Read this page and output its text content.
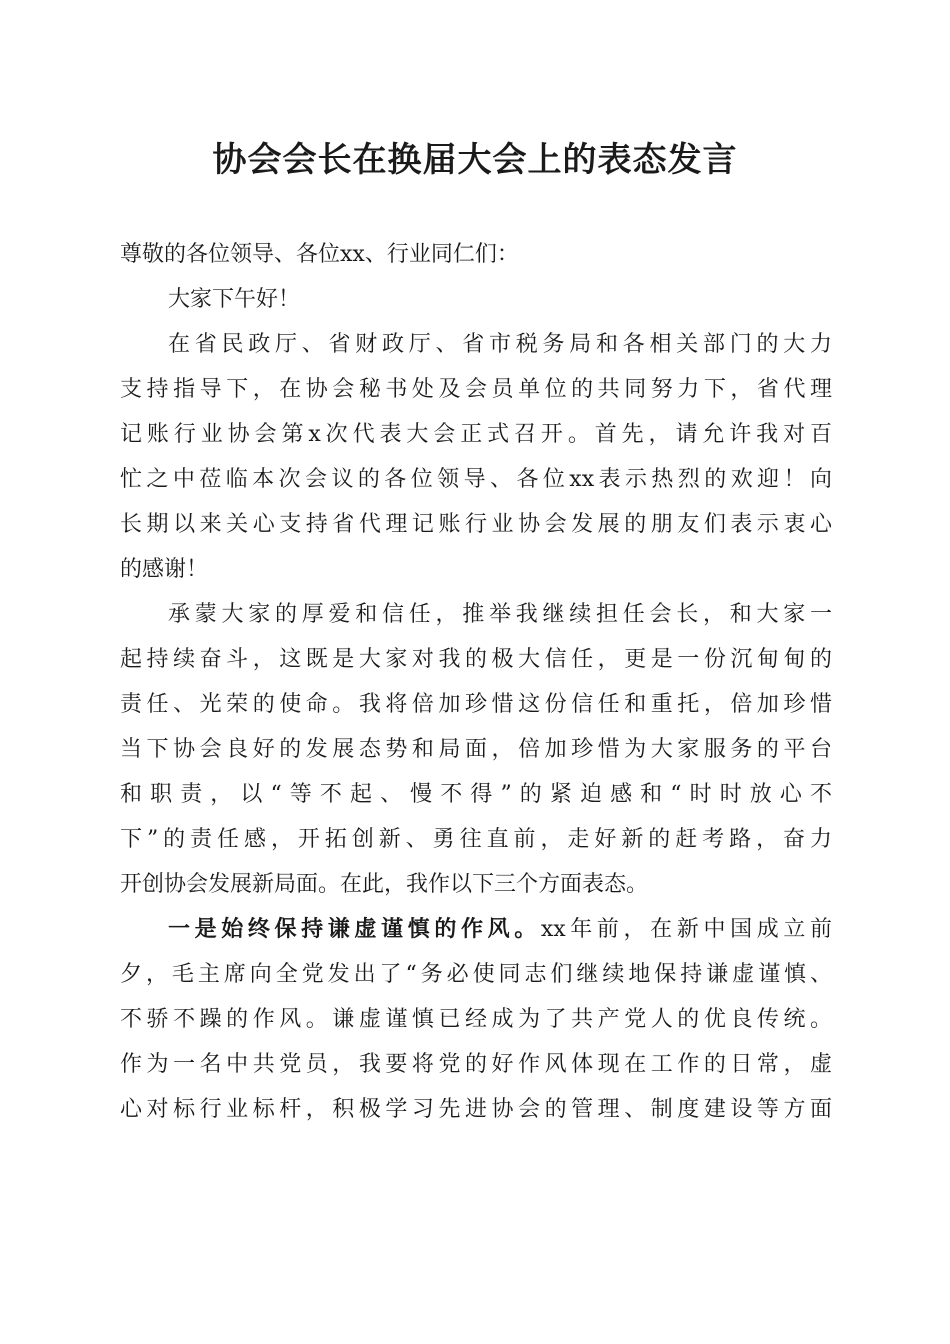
协会会长在换届大会上的表态发言
尊敬的各位领导、各位xx、行业同仁们：
大家下午好！
在省民政厅、省财政厅、省市税务局和各相关部门的大力
支持指导下，在协会秘书处及会员单位的共同努力下，省代理
记账行业协会第x次代表大会正式召开。首先，请允许我对百
忙之中莅临本次会议的各位领导、各位xx表示热烈的欢迎！向
长期以来关心支持省代理记账行业协会发展的朋友们表示衷心
的感谢！
承蒙大家的厚爱和信任，推举我继续担任会长，和大家一
起持续奋斗，这既是大家对我的极大信任，更是一份沉甸甸的
责任、光荣的使命。我将倍加珍惜这份信任和重托，倍加珍惜
当下协会良好的发展态势和局面，倍加珍惜为大家服务的平台
和职责，以“等不起、慢不得”的紧迫感和“时时放心不
下”的责任感，开拓创新、勇往直前，走好新的赶考路，奋力
开创协会发展新局面。在此，我作以下三个方面表态。
一是始终保持谦虚谨慎的作风。xx年前，在新中国成立前
夕，毛主席向全党发出了“务必使同志们继续地保持谦虚谨慎、
不骄不躁的作风。谦虚谨慎已经成为了共产党人的优良传统。
作为一名中共党员，我要将党的好作风体现在工作的日常，虚
心对标行业标杆，积极学习先进协会的管理、制度建设等方面
